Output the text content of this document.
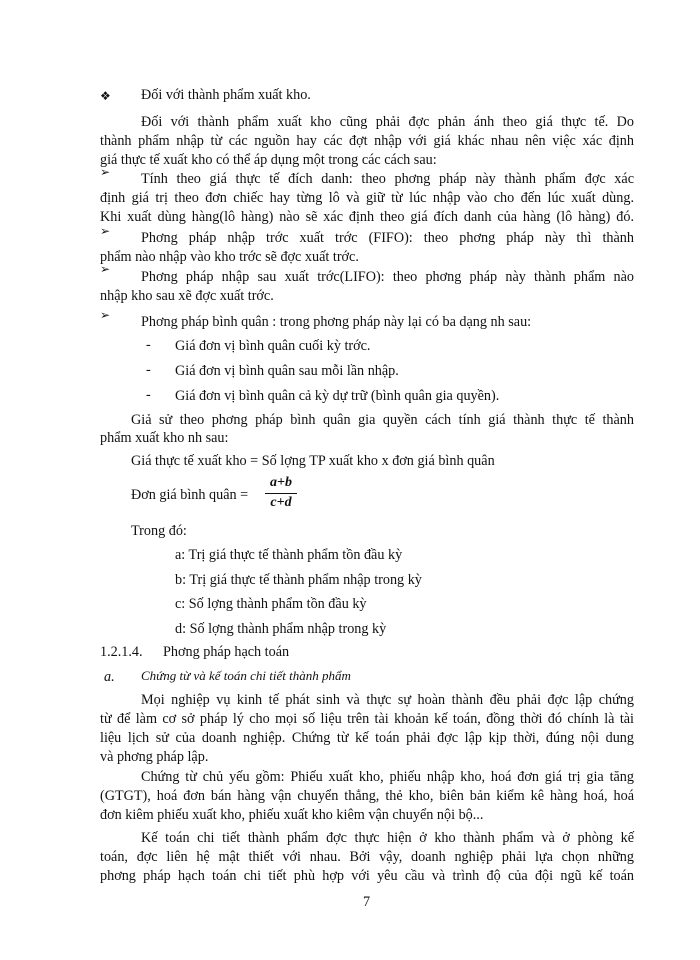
❖ Đối với thành phẩm xuất kho.
Đối với thành phẩm xuất kho cũng phải đợc phản ánh theo giá thực tế. Do
thành phẩm nhập từ các nguồn hay các đợt nhập với giá khác nhau nên việc xác định
giá thực tế xuất kho có thể áp dụng một trong các cách sau:
➢ Tính theo giá thực tế đích danh: theo phơng pháp này thành phẩm đợc xác
định giá trị theo đơn chiếc hay từng lô và giữ từ lúc nhập vào cho đến lúc xuất dùng.
Khi xuất dùng hàng(lô hàng) nào sẽ xác định theo giá đích danh của hàng (lô hàng) đó.
➢ Phơng pháp nhập trớc xuất trớc (FIFO): theo phơng pháp này thì thành
phẩm nào nhập vào kho trớc sẽ đợc xuất trớc.
➢ Phơng pháp nhập sau xuất trớc(LIFO): theo phơng pháp này thành phẩm nào
nhập kho sau xẽ đợc xuất trớc.
➢ Phơng pháp bình quân : trong phơng pháp này lại có ba dạng nh sau:
- Giá đơn vị bình quân cuối kỳ trớc.
- Giá đơn vị bình quân sau mỗi lần nhập.
- Giá đơn vị bình quân cả kỳ dự trữ (bình quân gia quyền).
Giả sử theo phơng pháp bình quân gia quyền cách tính giá thành thực tế thành
phẩm xuất kho nh sau:
Giá thực tế xuất kho = Số lợng TP xuất kho x đơn giá bình quân
Đơn giá bình quân =
a+b
c+d
Trong đó:
a: Trị giá thực tế thành phẩm tồn đầu kỳ
b: Trị giá thực tế thành phẩm nhập trong kỳ
c: Số lợng thành phẩm tồn đầu kỳ
d: Số lợng thành phẩm nhập trong kỳ
1.2.1.4. Phơng pháp hạch toán
a. Chứng từ và kế toán chi tiết thành phẩm
Mọi nghiệp vụ kinh tế phát sinh và thực sự hoàn thành đều phải đợc lập chứng
từ để làm cơ sở pháp lý cho mọi số liệu trên tài khoản kế toán, đồng thời đó chính là tài
liệu lịch sử của doanh nghiệp. Chứng từ kế toán phải đợc lập kịp thời, đúng nội dung
và phơng pháp lập.
Chứng từ chủ yếu gồm: Phiếu xuất kho, phiếu nhập kho, hoá đơn giá trị gia tăng
(GTGT), hoá đơn bán hàng vận chuyển thẳng, thẻ kho, biên bản kiểm kê hàng hoá, hoá
đơn kiêm phiếu xuất kho, phiếu xuất kho kiêm vận chuyển nội bộ...
Kế toán chi tiết thành phẩm đợc thực hiện ở kho thành phẩm và ở phòng kế
toán, đợc liên hệ mật thiết với nhau. Bởi vậy, doanh nghiệp phải lựa chọn những
phơng pháp hạch toán chi tiết phù hợp với yêu cầu và trình độ của đội ngũ kế toán
7
